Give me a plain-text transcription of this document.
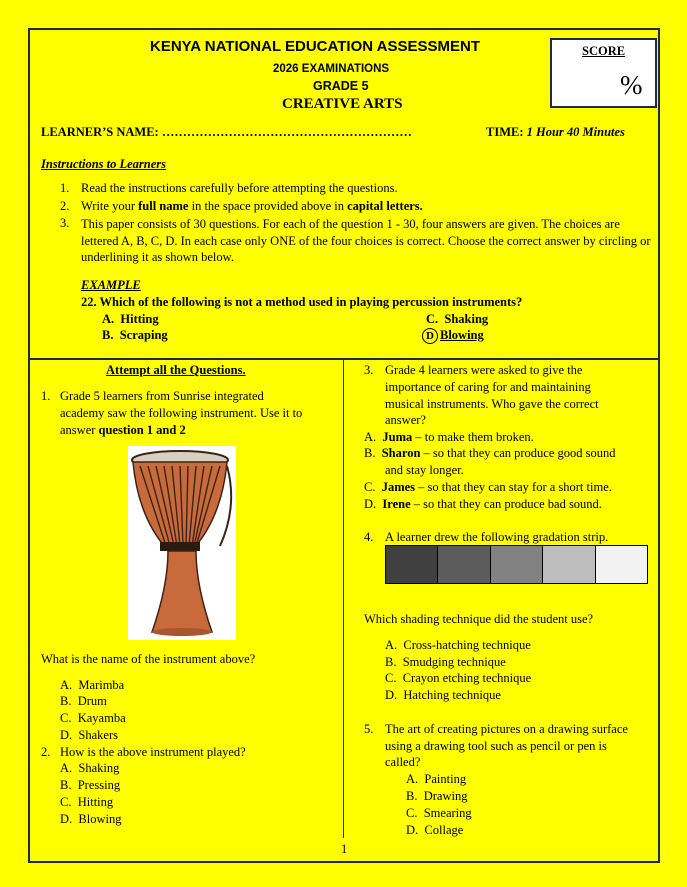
KENYA NATIONAL EDUCATION ASSESSMENT
2026 EXAMINATIONS
GRADE 5
CREATIVE ARTS
SCORE
%
LEARNER’S NAME: ……………………………………………………	TIME: 1 Hour 40 Minutes
Instructions to Learners
1. Read the instructions carefully before attempting the questions.
2. Write your full name in the space provided above in capital letters.
3. This paper consists of 30 questions. For each of the question 1 - 30, four answers are given. The choices are lettered A, B, C, D. In each case only ONE of the four choices is correct. Choose the correct answer by circling or underlining it as shown below.
EXAMPLE
22. Which of the following is not a method used in playing percussion instruments?
A. Hitting
B. Scraping
C. Shaking
D Blowing
Attempt all the Questions.
1. Grade 5 learners from Sunrise integrated
academy saw the following instrument. Use it to
answer question 1 and 2
What is the name of the instrument above?
A. Marimba
B. Drum
C. Kayamba
D. Shakers
2. How is the above instrument played?
A. Shaking
B. Pressing
C. Hitting
D. Blowing
3. Grade 4 learners were asked to give the
importance of caring for and maintaining
musical instruments. Who gave the correct
answer?
A. Juma – to make them broken.
B. Sharon – so that they can produce good sound
and stay longer.
C. James – so that they can stay for a short time.
D. Irene – so that they can produce bad sound.
4. A learner drew the following gradation strip.
Which shading technique did the student use?
A. Cross-hatching technique
B. Smudging technique
C. Crayon etching technique
D. Hatching technique
5. The art of creating pictures on a drawing surface
using a drawing tool such as pencil or pen is
called?
A. Painting
B. Drawing
C. Smearing
D. Collage
1
